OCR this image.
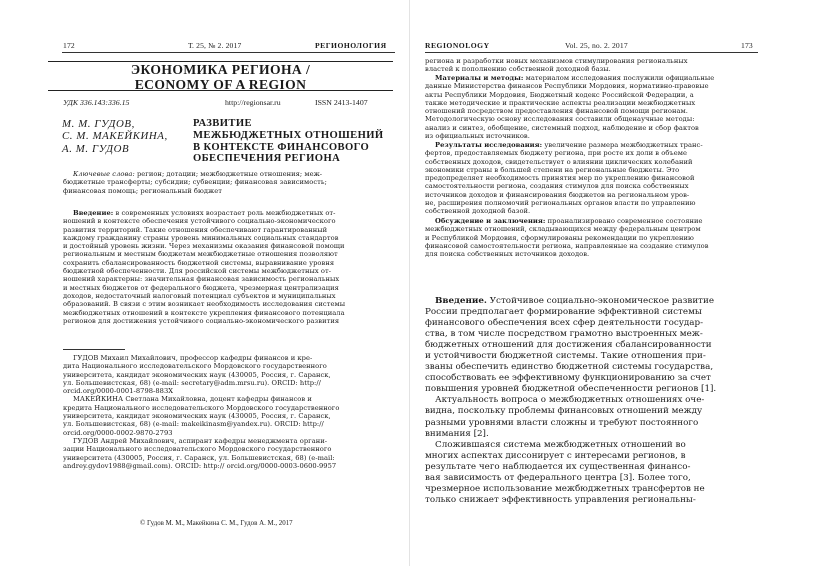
172	Т. 25, № 2. 2017	РЕГИОНОЛОГИЯ
ЭКОНОМИКА РЕГИОНА /
ECONOMY OF A REGION
УДК 336.143:336.15	http://regionsar.ru	ISSN 2413-1407
М. М. ГУДОВ,
С. М. МАКЕЙКИНА,
А. М. ГУДОВ
РАЗВИТИЕ
МЕЖБЮДЖЕТНЫХ ОТНОШЕНИЙ
В КОНТЕКСТЕ ФИНАНСОВОГО
ОБЕСПЕЧЕНИЯ РЕГИОНА
Ключевые слова: регион; дотации; межбюджетные отношения; меж-
бюджетные трансферты; субсидии; субвенции; финансовая зависимость;
финансовая помощь; региональный бюджет
Введение: в современных условиях возрастает роль межбюджетных от-
ношений в контексте обеспечения устойчивого социально-экономического
развития территорий. Такие отношения обеспечивают гарантированный
каждому гражданину страны уровень минимальных социальных стандартов
и достойный уровень жизни. Через механизмы оказания финансовой помощи
региональным и местным бюджетам межбюджетные отношения позволяют
сохранить сбалансированность бюджетной системы, выравнивание уровня
бюджетной обеспеченности. Для российской системы межбюджетных от-
ношений характерны: значительная финансовая зависимость региональных
и местных бюджетов от федерального бюджета, чрезмерная централизация
доходов, недостаточный налоговый потенциал субъектов и муниципальных
образований. В связи с этим возникает необходимость исследования системы
межбюджетных отношений в контексте укрепления финансового потенциала
регионов для достижения устойчивого социально-экономического развития
ГУДОВ Михаил Михайлович, профессор кафедры финансов и кре-
дита Национального исследовательского Мордовского государственного
университета, кандидат экономических наук (430005, Россия, г. Саранск,
ул. Большевистская, 68) (e-mail: secretary@adm.mrsu.ru). ORCID: http://
orcid.org/0000-0001-8798-883X
МАКЕЙКИНА Светлана Михайловна, доцент кафедры финансов и
кредита Национального исследовательского Мордовского государственного
университета, кандидат экономических наук (430005, Россия, г. Саранск,
ул. Большевистская, 68) (e-mail: makeikinasm@yandex.ru). ORCID: http://
orcid.org/0000-0002-9870-2793
ГУДОВ Андрей Михайлович, аспирант кафедры менеджмента органи-
зации Национального исследовательского Мордовского государственного
университета (430005, Россия, г. Саранск, ул. Большевистская, 68) (e-mail:
andrey.gydov1988@gmail.com). ORCID: http:// orcid.org/0000-0003-0600-9957
© Гудов М. М., Макейкина С. М., Гудов А. М., 2017
REGIONOLOGY	Vol. 25, no. 2. 2017	173
региона и разработки новых механизмов стимулирования региональных
властей к пополнению собственной доходной базы.
Материалы и методы: материалом исследования послужили официальные
данные Министерства финансов Республики Мордовия, нормативно-правовые
акты Республики Мордовия, Бюджетный кодекс Российской Федерации, а
также методические и практические аспекты реализации межбюджетных
отношений посредством предоставления финансовой помощи регионам.
Методологическую основу исследования составили общенаучные методы:
анализ и синтез, обобщение, системный подход, наблюдение и сбор фактов
из официальных источников.
Результаты исследования: увеличение размера межбюджетных транс-
фертов, предоставляемых бюджету региона, при росте их доли в объеме
собственных доходов, свидетельствует о влиянии циклических колебаний
экономики страны в большей степени на региональные бюджеты. Это
предопределяет необходимость принятия мер по укреплению финансовой
самостоятельности региона, создания стимулов для поиска собственных
источников доходов и финансирования бюджетов на региональном уров-
не, расширения полномочий региональных органов власти по управлению
собственной доходной базой.
Обсуждение и заключения: проанализировано современное состояние
межбюджетных отношений, складывающихся между федеральным центром
и Республикой Мордовия, сформулированы рекомендации по укреплению
финансовой самостоятельности региона, направленные на создание стимулов
для поиска собственных источников доходов.
Введение. Устойчивое социально-экономическое развитие
России предполагает формирование эффективной системы
финансового обеспечения всех сфер деятельности государ-
ства, в том числе посредством грамотно выстроенных меж-
бюджетных отношений для достижения сбалансированности
и устойчивости бюджетной системы. Такие отношения при-
званы обеспечить единство бюджетной системы государства,
способствовать ее эффективному функционированию за счет
повышения уровней бюджетной обеспеченности регионов [1].
Актуальность вопроса о межбюджетных отношениях оче-
видна, поскольку проблемы финансовых отношений между
разными уровнями власти сложны и требуют постоянного
внимания [2].
Сложившаяся система межбюджетных отношений во
многих аспектах диссонирует с интересами регионов, в
результате чего наблюдается их существенная финансо-
вая зависимость от федерального центра [3]. Более того,
чрезмерное использование межбюджетных трансфертов не
только снижает эффективность управления региональны-
